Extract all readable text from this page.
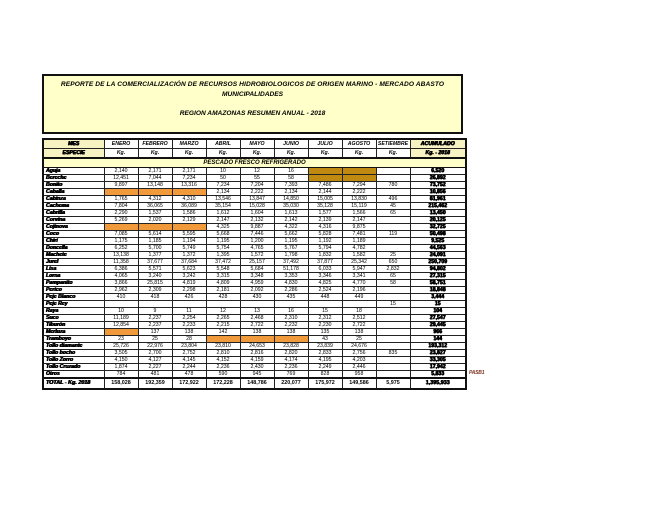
REPORTE DE LA COMERCIALIZACIÓN DE RECURSOS HIDROBIOLOGICOS DE ORIGEN MARINO - MERCADO ABASTO
MUNICIPALIDADES
REGION AMAZONAS RESUMEN ANUAL - 2018
MES	ENERO	FEBRERO	MARZO	ABRIL	MAYO	JUNIO	JULIO	AGOSTO	SETIEMBRE	ACUMULADO
ESPECIE	Kg.	Kg.	Kg.	Kg.	Kg.	Kg.	Kg.	Kg.	Kg.	Kg. - 2018
PESCADO FRESCO REFRIGERADO										
Aguja	2,140	2,171	2,171	10	12	16				6,520
Bereche	12,451	7,044	7,234	50	55	58				26,892
Bonito	9,897	13,148	13,316	7,234	7,204	7,393	7,486	7,294	780	73,752
Caballa				2,134	2,222	2,134	2,144	2,222		10,856
Cabinza	1,765	4,312	4,310	13,546	13,847	14,850	15,005	13,830	496	81,961
Cachema	7,804	36,065	36,089	35,154	15,028	35,030	35,128	15,119	45	215,462
Cabrilla	2,290	1,537	1,586	1,612	1,604	1,613	1,577	1,566	65	13,450
Corvina	5,269	2,020	2,129	2,147	2,132	2,142	2,139	2,147		20,125
Cojinova				4,325	9,887	4,322	4,316	9,875		32,725
Coco	7,085	5,614	5,595	5,668	7,446	5,662	5,828	7,481	119	50,498
Chiri	1,175	1,185	1,194	1,195	1,200	1,195	1,192	1,189		9,525
Doncella	6,252	5,700	5,749	5,754	4,765	5,767	5,794	4,782		44,563
Machete	13,138	1,377	1,372	1,395	1,572	1,798	1,832	1,582	25	24,091
Jurel	11,358	37,677	37,684	37,472	25,157	37,492	37,877	25,342	650	250,709
Lisa	6,386	5,571	5,623	5,548	5,684	51,178	6,033	5,947	2,832	94,802
Lorna	4,065	3,240	3,242	3,315	3,348	3,353	3,346	3,341	65	27,315
Pampanito	3,866	25,815	4,819	4,809	4,959	4,830	4,825	4,770	58	58,751
Perico	2,962	2,309	2,298	2,181	2,092	2,286	2,524	2,196		18,848
Peje Blanco	410	418	426	428	430	435	448	449		3,444
Peje Rey									15	15
Raya	10	9	11	12	13	16	15	18		104
Suco	11,189	2,237	2,254	2,265	2,468	2,310	2,312	2,512		27,547
Tiburón	12,854	2,237	2,233	2,215	2,722	2,232	2,230	2,722		29,445
Merluza		137	138	142	138	138	135	138		966
Tramboyo	23	25	28				43	25		144
Tollo diamante	25,726	22,976	23,804	23,810	24,653	23,828	23,839	24,676		193,312
Tollo bocho	3,505	2,700	2,752	2,810	2,816	2,820	2,833	2,756	835	23,827
Tollo Zorro	4,150	4,127	4,145	4,152	4,159	4,174	4,195	4,203		33,305
Tollo Cruzado	1,874	2,227	2,244	2,236	2,430	2,236	2,249	2,446		17,942
Otros	784	481	478	590	945	769	828	958		5,833
TOTAL - Kg. 2018	158,028	192,359	172,922	172,228	148,786	220,077	175,972	149,586	5,975	1,395,933
PASB1
